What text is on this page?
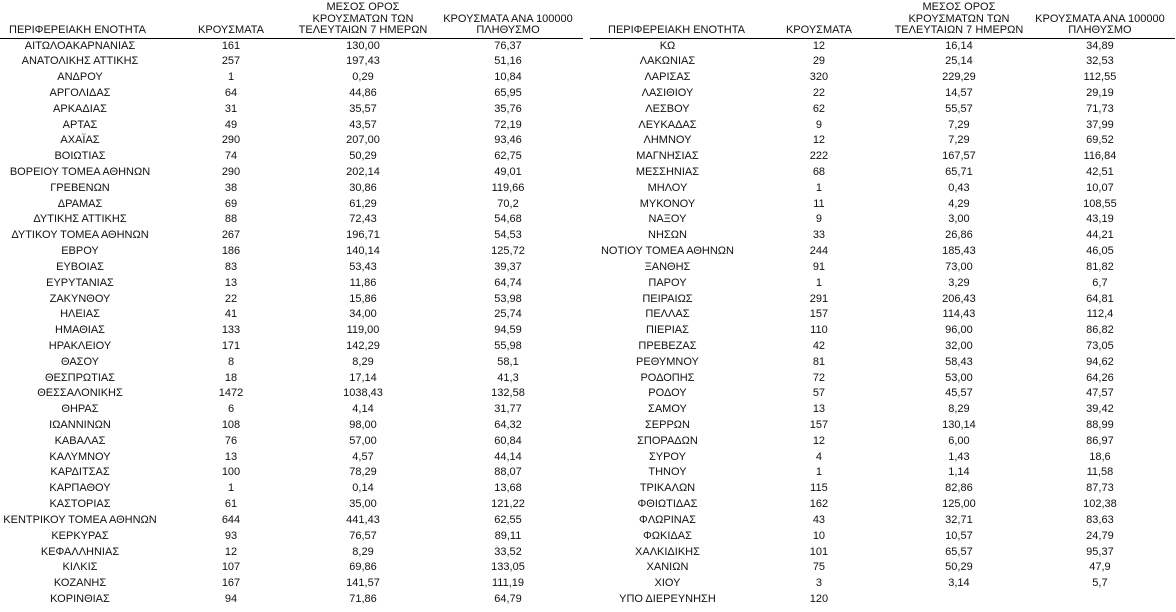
ΠΕΡΙΦΕΡΕΙΑΚΗ ΕΝΟΤΗΤΑ	ΚΡΟΥΣΜΑΤΑ	ΜΕΣΟΣ ΟΡΟΣ
ΚΡΟΥΣΜΑΤΩΝ ΤΩΝ
ΤΕΛΕΥΤΑΙΩΝ 7 ΗΜΕΡΩΝ	ΚΡΟΥΣΜΑΤΑ ΑΝΑ 100000
ΠΛΗΘΥΣΜΟ
ΑΙΤΩΛΟΑΚΑΡΝΑΝΙΑΣ	161	130,00	76,37
ΑΝΑΤΟΛΙΚΗΣ ΑΤΤΙΚΗΣ	257	197,43	51,16
ΑΝΔΡΟΥ	1	0,29	10,84
ΑΡΓΟΛΙΔΑΣ	64	44,86	65,95
ΑΡΚΑΔΙΑΣ	31	35,57	35,76
ΑΡΤΑΣ	49	43,57	72,19
ΑΧΑΪΑΣ	290	207,00	93,46
ΒΟΙΩΤΙΑΣ	74	50,29	62,75
ΒΟΡΕΙΟΥ ΤΟΜΕΑ ΑΘΗΝΩΝ	290	202,14	49,01
ΓΡΕΒΕΝΩΝ	38	30,86	119,66
ΔΡΑΜΑΣ	69	61,29	70,2
ΔΥΤΙΚΗΣ ΑΤΤΙΚΗΣ	88	72,43	54,68
ΔΥΤΙΚΟΥ ΤΟΜΕΑ ΑΘΗΝΩΝ	267	196,71	54,53
ΕΒΡΟΥ	186	140,14	125,72
ΕΥΒΟΙΑΣ	83	53,43	39,37
ΕΥΡΥΤΑΝΙΑΣ	13	11,86	64,74
ΖΑΚΥΝΘΟΥ	22	15,86	53,98
ΗΛΕΙΑΣ	41	34,00	25,74
ΗΜΑΘΙΑΣ	133	119,00	94,59
ΗΡΑΚΛΕΙΟΥ	171	142,29	55,98
ΘΑΣΟΥ	8	8,29	58,1
ΘΕΣΠΡΩΤΙΑΣ	18	17,14	41,3
ΘΕΣΣΑΛΟΝΙΚΗΣ	1472	1038,43	132,58
ΘΗΡΑΣ	6	4,14	31,77
ΙΩΑΝΝΙΝΩΝ	108	98,00	64,32
ΚΑΒΑΛΑΣ	76	57,00	60,84
ΚΑΛΥΜΝΟΥ	13	4,57	44,14
ΚΑΡΔΙΤΣΑΣ	100	78,29	88,07
ΚΑΡΠΑΘΟΥ	1	0,14	13,68
ΚΑΣΤΟΡΙΑΣ	61	35,00	121,22
ΚΕΝΤΡΙΚΟΥ ΤΟΜΕΑ ΑΘΗΝΩΝ	644	441,43	62,55
ΚΕΡΚΥΡΑΣ	93	76,57	89,11
ΚΕΦΑΛΛΗΝΙΑΣ	12	8,29	33,52
ΚΙΛΚΙΣ	107	69,86	133,05
ΚΟΖΑΝΗΣ	167	141,57	111,19
ΚΟΡΙΝΘΙΑΣ	94	71,86	64,79
ΠΕΡΙΦΕΡΕΙΑΚΗ ΕΝΟΤΗΤΑ	ΚΡΟΥΣΜΑΤΑ	ΜΕΣΟΣ ΟΡΟΣ
ΚΡΟΥΣΜΑΤΩΝ ΤΩΝ
ΤΕΛΕΥΤΑΙΩΝ 7 ΗΜΕΡΩΝ	ΚΡΟΥΣΜΑΤΑ ΑΝΑ 100000
ΠΛΗΘΥΣΜΟ
ΚΩ	12	16,14	34,89
ΛΑΚΩΝΙΑΣ	29	25,14	32,53
ΛΑΡΙΣΑΣ	320	229,29	112,55
ΛΑΣΙΘΙΟΥ	22	14,57	29,19
ΛΕΣΒΟΥ	62	55,57	71,73
ΛΕΥΚΑΔΑΣ	9	7,29	37,99
ΛΗΜΝΟΥ	12	7,29	69,52
ΜΑΓΝΗΣΙΑΣ	222	167,57	116,84
ΜΕΣΣΗΝΙΑΣ	68	65,71	42,51
ΜΗΛΟΥ	1	0,43	10,07
ΜΥΚΟΝΟΥ	11	4,29	108,55
ΝΑΞΟΥ	9	3,00	43,19
ΝΗΣΩΝ	33	26,86	44,21
ΝΟΤΙΟΥ ΤΟΜΕΑ ΑΘΗΝΩΝ	244	185,43	46,05
ΞΑΝΘΗΣ	91	73,00	81,82
ΠΑΡΟΥ	1	3,29	6,7
ΠΕΙΡΑΙΩΣ	291	206,43	64,81
ΠΕΛΛΑΣ	157	114,43	112,4
ΠΙΕΡΙΑΣ	110	96,00	86,82
ΠΡΕΒΕΖΑΣ	42	32,00	73,05
ΡΕΘΥΜΝΟΥ	81	58,43	94,62
ΡΟΔΟΠΗΣ	72	53,00	64,26
ΡΟΔΟΥ	57	45,57	47,57
ΣΑΜΟΥ	13	8,29	39,42
ΣΕΡΡΩΝ	157	130,14	88,99
ΣΠΟΡΑΔΩΝ	12	6,00	86,97
ΣΥΡΟΥ	4	1,43	18,6
ΤΗΝΟΥ	1	1,14	11,58
ΤΡΙΚΑΛΩΝ	115	82,86	87,73
ΦΘΙΩΤΙΔΑΣ	162	125,00	102,38
ΦΛΩΡΙΝΑΣ	43	32,71	83,63
ΦΩΚΙΔΑΣ	10	10,57	24,79
ΧΑΛΚΙΔΙΚΗΣ	101	65,57	95,37
ΧΑΝΙΩΝ	75	50,29	47,9
ΧΙΟΥ	3	3,14	5,7
ΥΠΟ ΔΙΕΡΕΥΝΗΣΗ	120		
